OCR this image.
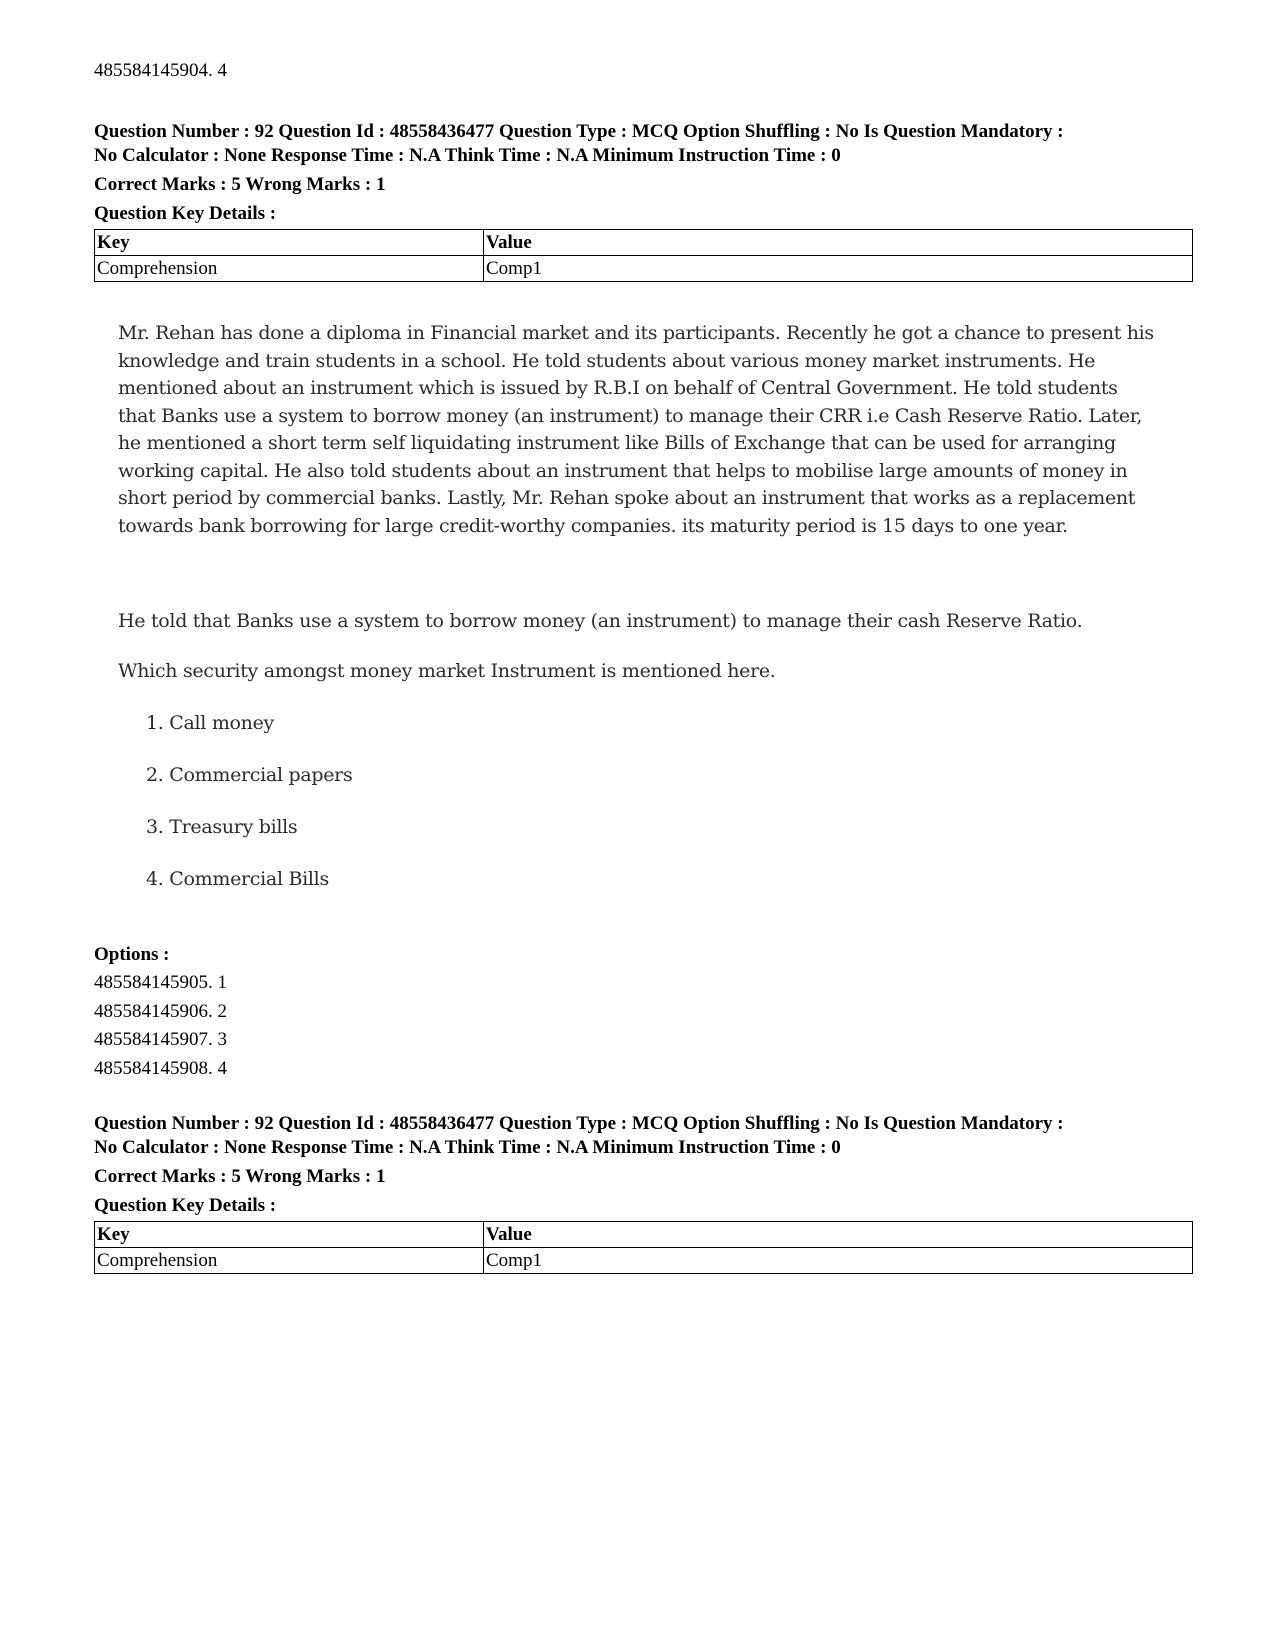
485584145904. 4
Question Number : 92 Question Id : 48558436477 Question Type : MCQ Option Shuffling : No Is Question Mandatory :
No Calculator : None Response Time : N.A Think Time : N.A Minimum Instruction Time : 0
Correct Marks : 5 Wrong Marks : 1
Question Key Details :
Key	Value
Comprehension	Comp1

Mr. Rehan has done a diploma in Financial market and its participants. Recently he got a chance to present his
knowledge and train students in a school. He told students about various money market instruments. He
mentioned about an instrument which is issued by R.B.I on behalf of Central Government. He told students
that Banks use a system to borrow money (an instrument) to manage their CRR i.e Cash Reserve Ratio. Later,
he mentioned a short term self liquidating instrument like Bills of Exchange that can be used for arranging
working capital. He also told students about an instrument that helps to mobilise large amounts of money in
short period by commercial banks. Lastly, Mr. Rehan spoke about an instrument that works as a replacement
towards bank borrowing for large credit-worthy companies. its maturity period is 15 days to one year.

He told that Banks use a system to borrow money (an instrument) to manage their cash Reserve Ratio.

Which security amongst money market Instrument is mentioned here.

1. Call money
2. Commercial papers
3. Treasury bills
4. Commercial Bills
Options :
485584145905. 1
485584145906. 2
485584145907. 3
485584145908. 4
Question Number : 92 Question Id : 48558436477 Question Type : MCQ Option Shuffling : No Is Question Mandatory :
No Calculator : None Response Time : N.A Think Time : N.A Minimum Instruction Time : 0
Correct Marks : 5 Wrong Marks : 1
Question Key Details :
Key	Value
Comprehension	Comp1
